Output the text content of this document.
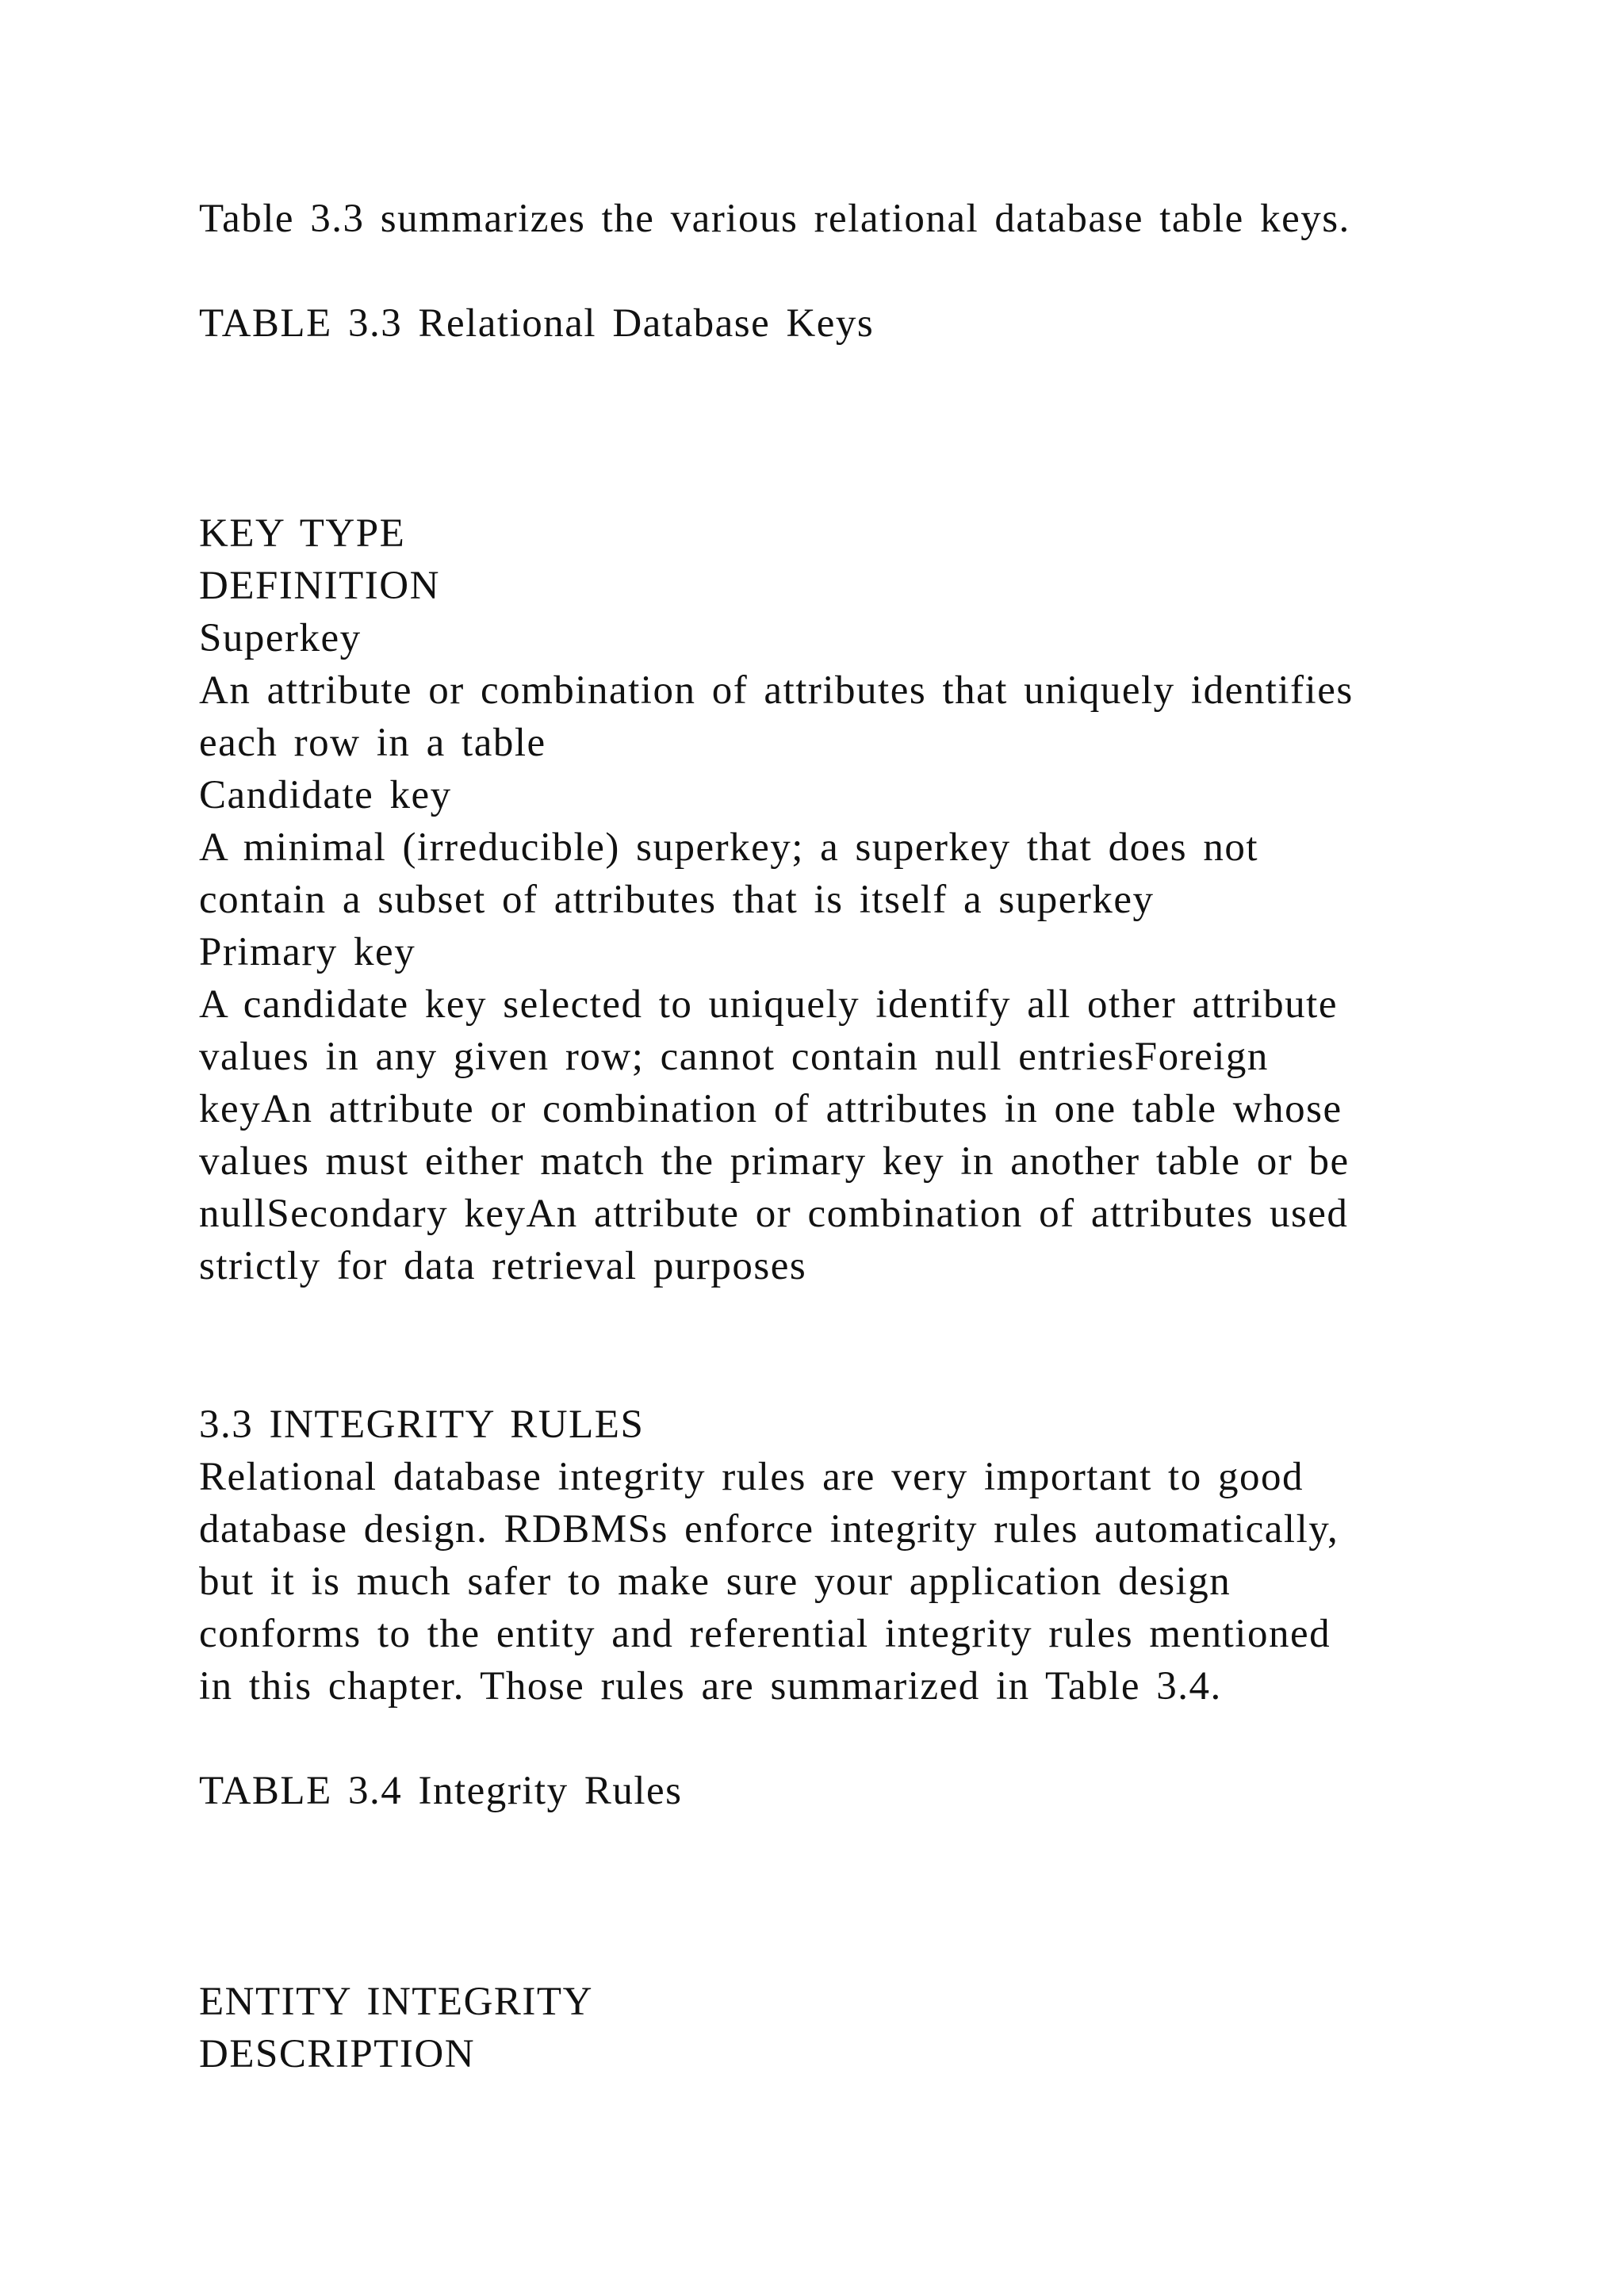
Table 3.3 summarizes the various relational database table keys.

TABLE 3.3 Relational Database Keys

KEY TYPE

DEFINITION

Superkey

An attribute or combination of attributes that uniquely identifies

each row in a table

Candidate key

A minimal (irreducible) superkey; a superkey that does not

contain a subset of attributes that is itself a superkey

Primary key

A candidate key selected to uniquely identify all other attribute

values in any given row; cannot contain null entriesForeign

keyAn attribute or combination of attributes in one table whose

values must either match the primary key in another table or be

nullSecondary keyAn attribute or combination of attributes used

strictly for data retrieval purposes

3.3 INTEGRITY RULES

Relational database integrity rules are very important to good

database design. RDBMSs enforce integrity rules automatically,

but it is much safer to make sure your application design

conforms to the entity and referential integrity rules mentioned

in this chapter. Those rules are summarized in Table 3.4.

TABLE 3.4 Integrity Rules

ENTITY INTEGRITY

DESCRIPTION
